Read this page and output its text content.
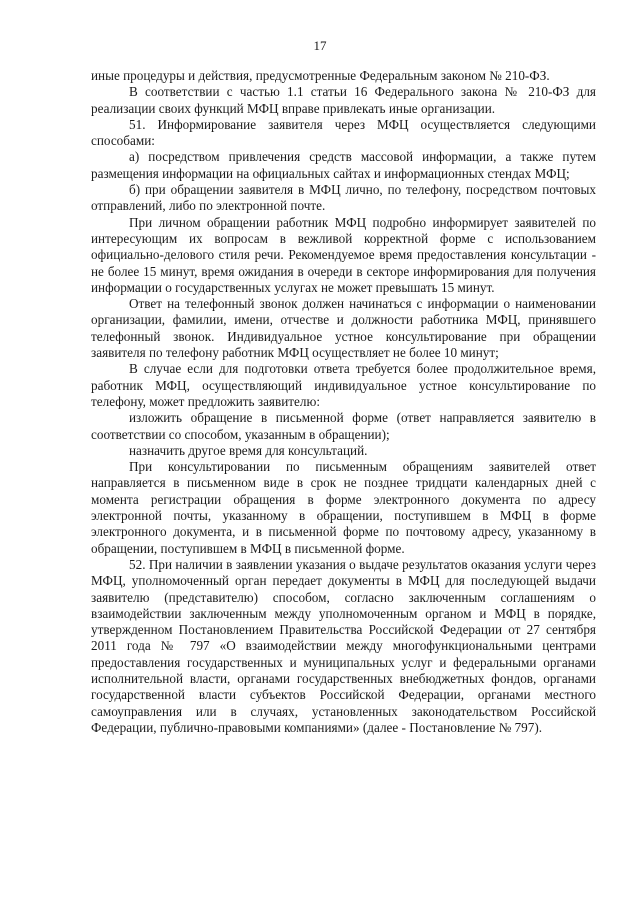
17

иные процедуры и действия, предусмотренные Федеральным законом № 210-ФЗ.

В соответствии с частью 1.1 статьи 16 Федерального закона № 210-ФЗ для реализации своих функций МФЦ вправе привлекать иные организации.

51. Информирование заявителя через МФЦ осуществляется следующими способами:

а) посредством привлечения средств массовой информации, а также путем размещения информации на официальных сайтах и информационных стендах МФЦ;

б) при обращении заявителя в МФЦ лично, по телефону, посредством почтовых отправлений, либо по электронной почте.

При личном обращении работник МФЦ подробно информирует заявителей по интересующим их вопросам в вежливой корректной форме с использованием официально-делового стиля речи. Рекомендуемое время предоставления консультации - не более 15 минут, время ожидания в очереди в секторе информирования для получения информации о государственных услугах не может превышать 15 минут.

Ответ на телефонный звонок должен начинаться с информации о наименовании организации, фамилии, имени, отчестве и должности работника МФЦ, принявшего телефонный звонок. Индивидуальное устное консультирование при обращении заявителя по телефону работник МФЦ осуществляет не более 10 минут;

В случае если для подготовки ответа требуется более продолжительное время, работник МФЦ, осуществляющий индивидуальное устное консультирование по телефону, может предложить заявителю:

изложить обращение в письменной форме (ответ направляется заявителю в соответствии со способом, указанным в обращении);

назначить другое время для консультаций.

При консультировании по письменным обращениям заявителей ответ направляется в письменном виде в срок не позднее тридцати календарных дней с момента регистрации обращения в форме электронного документа по адресу электронной почты, указанному в обращении, поступившем в МФЦ в форме электронного документа, и в письменной форме по почтовому адресу, указанному в обращении, поступившем в МФЦ в письменной форме.

52. При наличии в заявлении указания о выдаче результатов оказания услуги через МФЦ, уполномоченный орган передает документы в МФЦ для последующей выдачи заявителю (представителю) способом, согласно заключенным соглашениям о взаимодействии заключенным между уполномоченным органом и МФЦ в порядке, утвержденном Постановлением Правительства Российской Федерации от 27 сентября 2011 года № 797 «О взаимодействии между многофункциональными центрами предоставления государственных и муниципальных услуг и федеральными органами исполнительной власти, органами государственных внебюджетных фондов, органами государственной власти субъектов Российской Федерации, органами местного самоуправления или в случаях, установленных законодательством Российской Федерации, публично-правовыми компаниями» (далее - Постановление № 797).
